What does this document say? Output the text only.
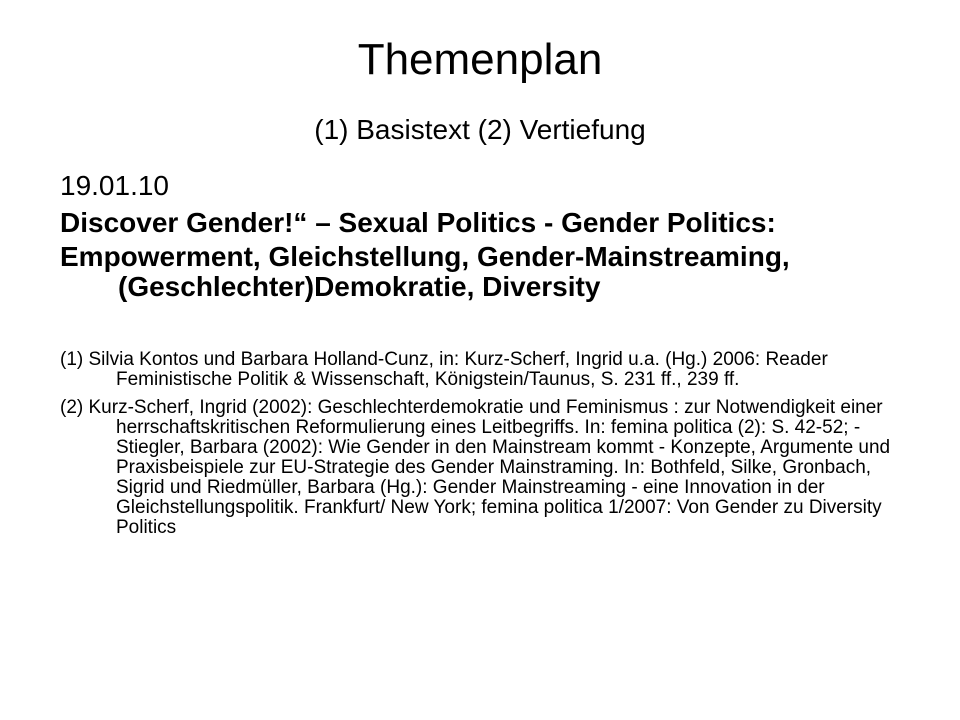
Themenplan

(1) Basistext (2) Vertiefung

19.01.10

Discover Gender!“ – Sexual Politics - Gender Politics:

Empowerment, Gleichstellung, Gender-Mainstreaming, (Geschlechter)Demokratie, Diversity

(1) Silvia Kontos und Barbara Holland-Cunz, in: Kurz-Scherf, Ingrid u.a. (Hg.) 2006: Reader Feministische Politik & Wissenschaft, Königstein/Taunus, S. 231 ff., 239 ff.

(2) Kurz-Scherf, Ingrid (2002): Geschlechterdemokratie und Feminismus : zur Notwendigkeit einer herrschaftskritischen Reformulierung eines Leitbegriffs. In: femina politica (2): S. 42-52; - Stiegler, Barbara (2002): Wie Gender in den Mainstream kommt - Konzepte, Argumente und Praxisbeispiele zur EU-Strategie des Gender Mainstraming. In: Bothfeld, Silke, Gronbach, Sigrid und Riedmüller, Barbara (Hg.): Gender Mainstreaming - eine Innovation in der Gleichstellungspolitik. Frankfurt/ New York; femina politica 1/2007: Von Gender zu Diversity Politics
